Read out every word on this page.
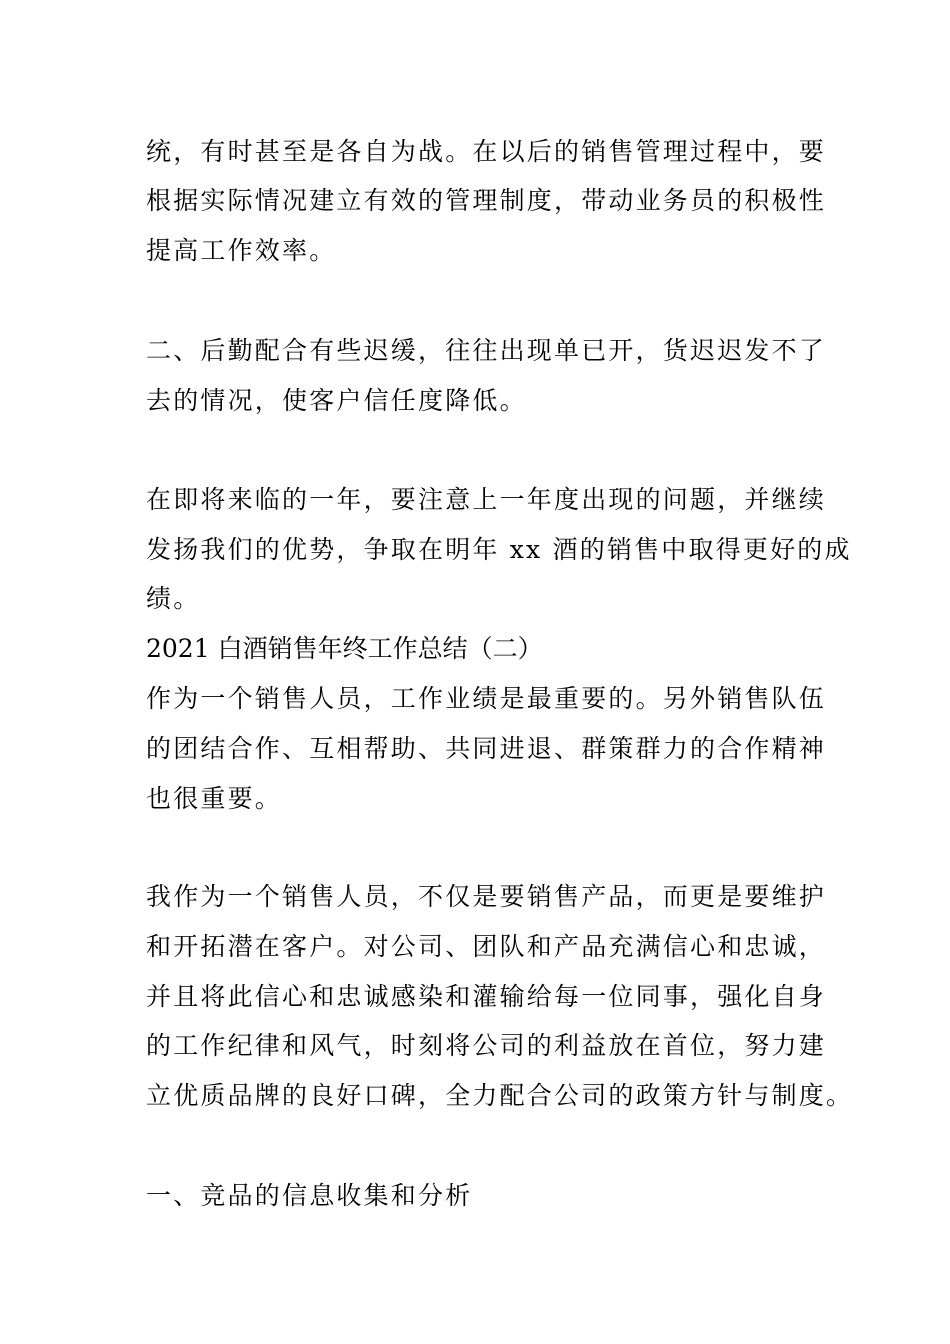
统，有时甚至是各自为战。在以后的销售管理过程中，要
根据实际情况建立有效的管理制度，带动业务员的积极性
提高工作效率。
二、后勤配合有些迟缓，往往出现单已开，货迟迟发不了
去的情况，使客户信任度降低。
在即将来临的一年，要注意上一年度出现的问题，并继续
发扬我们的优势，争取在明年 xx 酒的销售中取得更好的成
绩。
2021 白酒销售年终工作总结（二）
作为一个销售人员，工作业绩是最重要的。另外销售队伍
的团结合作、互相帮助、共同进退、群策群力的合作精神
也很重要。
我作为一个销售人员，不仅是要销售产品，而更是要维护
和开拓潜在客户。对公司、团队和产品充满信心和忠诚，
并且将此信心和忠诚感染和灌输给每一位同事，强化自身
的工作纪律和风气，时刻将公司的利益放在首位，努力建
立优质品牌的良好口碑，全力配合公司的政策方针与制度。
一、竞品的信息收集和分析
